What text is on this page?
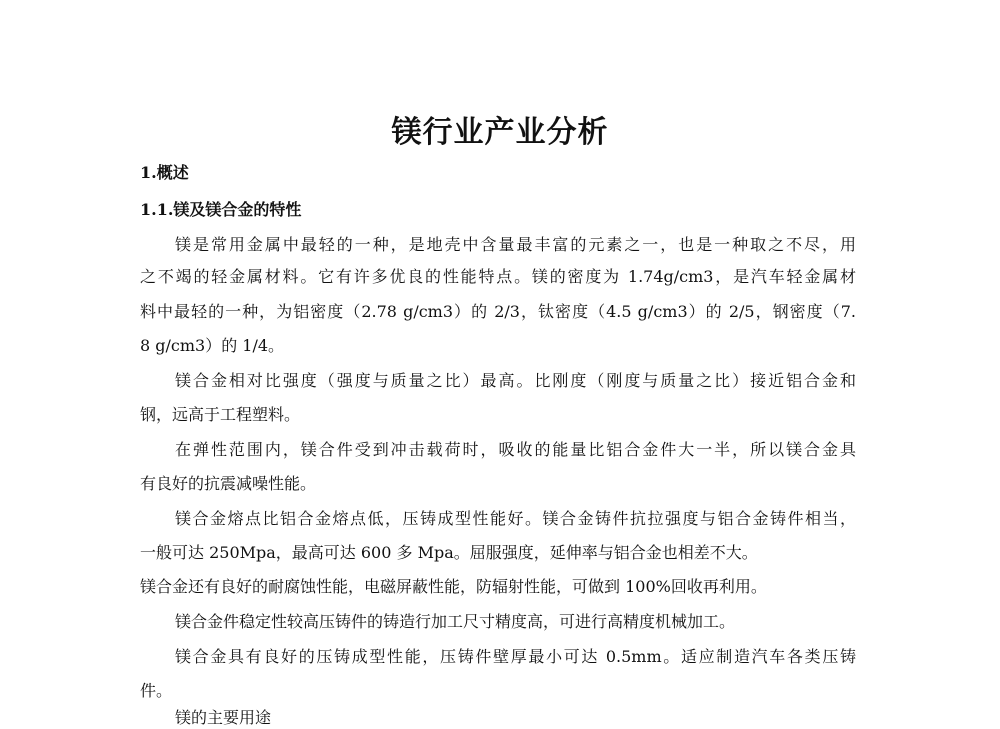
镁行业产业分析
1.概述
1.1.镁及镁合金的特性
镁是常用金属中最轻的一种，是地壳中含量最丰富的元素之一，也是一种取之不尽，用
之不竭的轻金属材料。它有许多优良的性能特点。镁的密度为 1.74g/cm3，是汽车轻金属材
料中最轻的一种，为铝密度（2.78 g/cm3）的 2/3，钛密度（4.5 g/cm3）的 2/5，钢密度（7.
8 g/cm3）的 1/4。
镁合金相对比强度（强度与质量之比）最高。比刚度（刚度与质量之比）接近铝合金和
钢，远高于工程塑料。
在弹性范围内，镁合件受到冲击载荷时，吸收的能量比铝合金件大一半，所以镁合金具
有良好的抗震减噪性能。
镁合金熔点比铝合金熔点低，压铸成型性能好。镁合金铸件抗拉强度与铝合金铸件相当，
一般可达 250Mpa，最高可达 600 多 Mpa。屈服强度，延伸率与铝合金也相差不大。
镁合金还有良好的耐腐蚀性能，电磁屏蔽性能，防辐射性能，可做到 100%回收再利用。
镁合金件稳定性较高压铸件的铸造行加工尺寸精度高，可进行高精度机械加工。
镁合金具有良好的压铸成型性能，压铸件壁厚最小可达 0.5mm。适应制造汽车各类压铸
件。
镁的主要用途
